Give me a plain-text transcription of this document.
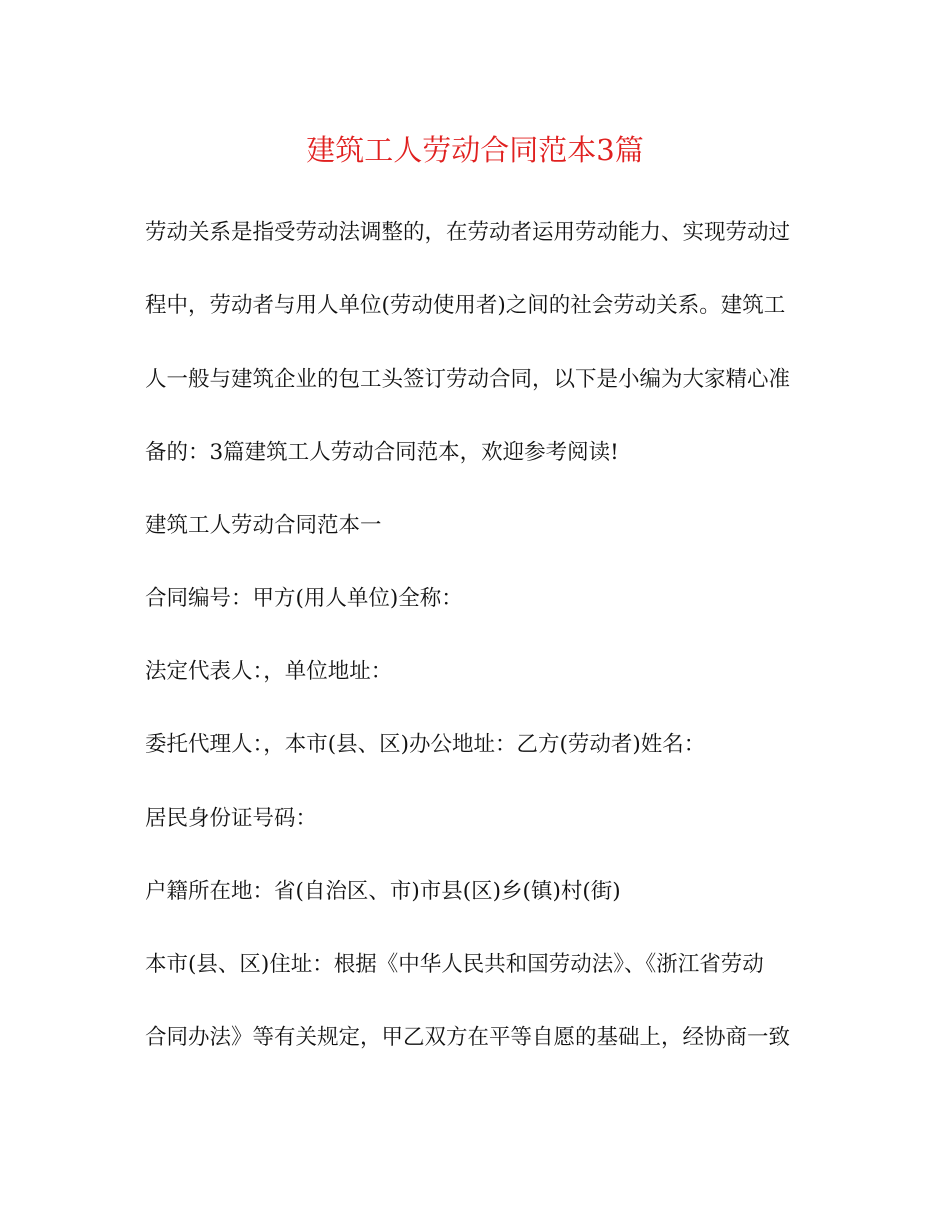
建筑工人劳动合同范本3篇

劳动关系是指受劳动法调整的，在劳动者运用劳动能力、实现劳动过

程中，劳动者与用人单位(劳动使用者)之间的社会劳动关系。建筑工

人一般与建筑企业的包工头签订劳动合同，以下是小编为大家精心准

备的：3篇建筑工人劳动合同范本，欢迎参考阅读!

建筑工人劳动合同范本一

合同编号：甲方(用人单位)全称：

法定代表人：，单位地址：

委托代理人：，本市(县、区)办公地址：乙方(劳动者)姓名：

居民身份证号码：

户籍所在地：省(自治区、市)市县(区)乡(镇)村(街)

本市(县、区)住址：根据《中华人民共和国劳动法》、《浙江省劳动

合同办法》等有关规定，甲乙双方在平等自愿的基础上，经协商一致
